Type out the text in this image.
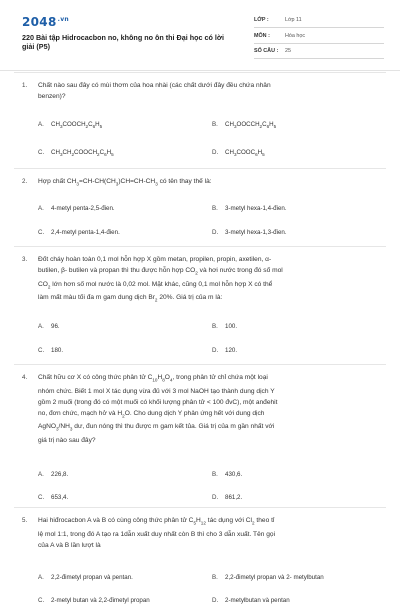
$2048^{.vn}$
220 Bài tập Hidrocacbon no, không no ôn thi Đại học có lời giải (P5)
LỚP :	Lớp 11
MÔN :	Hóa học
SỐ CÂU : 25
1. Chất nào sau đây có mùi thơm của hoa nhài (các chất dưới đây đều chứa nhân
benzen)?
A. $CH_3COOCH_2C_6H_5$	B. $CH_3OOCCH_2C_6H_5$
C. $CH_3CH_2COOCH_2C_6H_5$	D. $CH_3COOC_6H_5$
2. Hợp chất $CH_3=CH-CH(CH_3)CH=CH-CH_3$ có tên thay thế là:
A. 4-metyl penta-2,5-đien.	B. 3-metyl hexa-1,4-đien.
C. 2,4-metyl penta-1,4-đien.	D. 3-metyl hexa-1,3-đien.
3. Đốt cháy hoàn toàn 0,1 mol hỗn hợp X gồm metan, propilen, propin, axetilen, α-
butilen, β- butilen và propan thì thu được hỗn hợp $CO_2$ và hơi nước trong đó số mol
$CO_2$ lớn hơn số mol nước là 0,02 mol. Mặt khác, cũng 0,1 mol hỗn hợp X có thể
làm mất màu tối đa m gam dung dịch $Br_2$ 20%. Giá trị của m là:
A. 96.	B. 100.
C. 180.	D. 120.
4. Chất hữu cơ X có công thức phân tử $C_{10}H_8O_4$, trong phân tử chỉ chứa một loại
nhóm chức. Biết 1 mol X tác dụng vừa đủ với 3 mol NaOH tạo thành dung dịch Y
gồm 2 muối (trong đó có một muối có khối lượng phân tử < 100 đvC), một anđehit
no, đơn chức, mạch hở và $H_2O$. Cho dung dịch Y phản ứng hết với dung dịch
$AgNO_3/NH_3$ dư, đun nóng thì thu được m gam kết tủa. Giá trị của m gần nhất với
giá trị nào sau đây?
A. 226,8.	B. 430,6.
C. 653,4.	D. 861,2.
5. Hai hiđrocacbon A và B có cùng công thức phân tử $C_5H_{12}$ tác dụng với $Cl_2$ theo tỉ
lệ mol 1:1, trong đó A tạo ra 1dẫn xuất duy nhất còn B thì cho 3 dẫn xuất. Tên gọi
của A và B lần lượt là
A. 2,2-đimetyl propan và pentan.	B. 2,2-đimetyl propan và 2- metylbutan
C. 2-metyl butan và 2,2-đimetyl propan	D. 2-metylbutan và pentan
